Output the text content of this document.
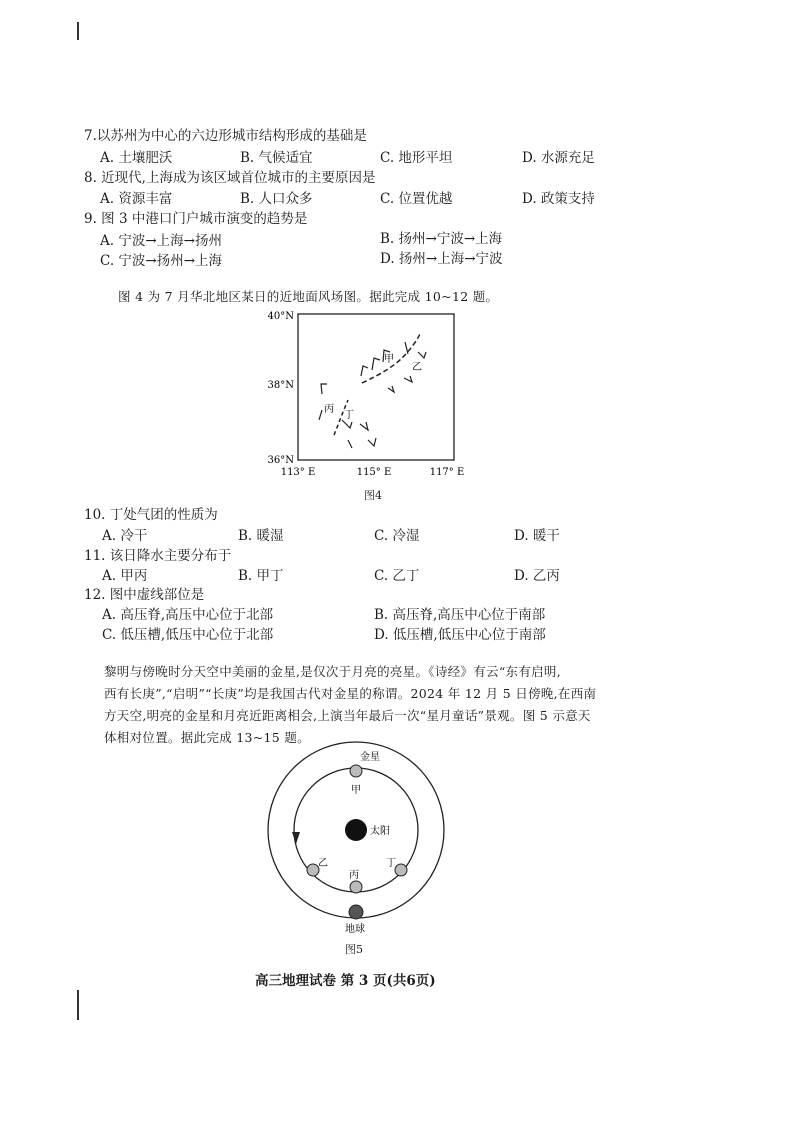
7.以苏州为中心的六边形城市结构形成的基础是
A. 土壤肥沃	B. 气候适宜	C. 地形平坦	D. 水源充足
8. 近现代,上海成为该区域首位城市的主要原因是
A. 资源丰富	B. 人口众多	C. 位置优越	D. 政策支持
9. 图 3 中港口门户城市演变的趋势是
A. 宁波→上海→扬州	B. 扬州→宁波→上海
C. 宁波→扬州→上海	D. 扬州→上海→宁波
图 4 为 7 月华北地区某日的近地面风场图。据此完成 10~12 题。
40°N
38°N
36°N
113° E	115° E	117° E
甲
乙
丙
丁
图4
10. 丁处气团的性质为
A. 冷干	B. 暖湿	C. 冷湿	D. 暖干
11. 该日降水主要分布于
A. 甲丙	B. 甲丁	C. 乙丁	D. 乙丙
12. 图中虚线部位是
A. 高压脊,高压中心位于北部	B. 高压脊,高压中心位于南部
C. 低压槽,低压中心位于北部	D. 低压槽,低压中心位于南部
黎明与傍晚时分天空中美丽的金星,是仅次于月亮的亮星。《诗经》有云“东有启明,
西有长庚”,“启明”“长庚”均是我国古代对金星的称谓。2024 年 12 月 5 日傍晚,在西南
方天空,明亮的金星和月亮近距离相会,上演当年最后一次“星月童话”景观。图 5 示意天
体相对位置。据此完成 13~15 题。
金星
甲
太阳
乙
丙
丁
地球
图5
高三地理试卷 第 3 页(共6页)
